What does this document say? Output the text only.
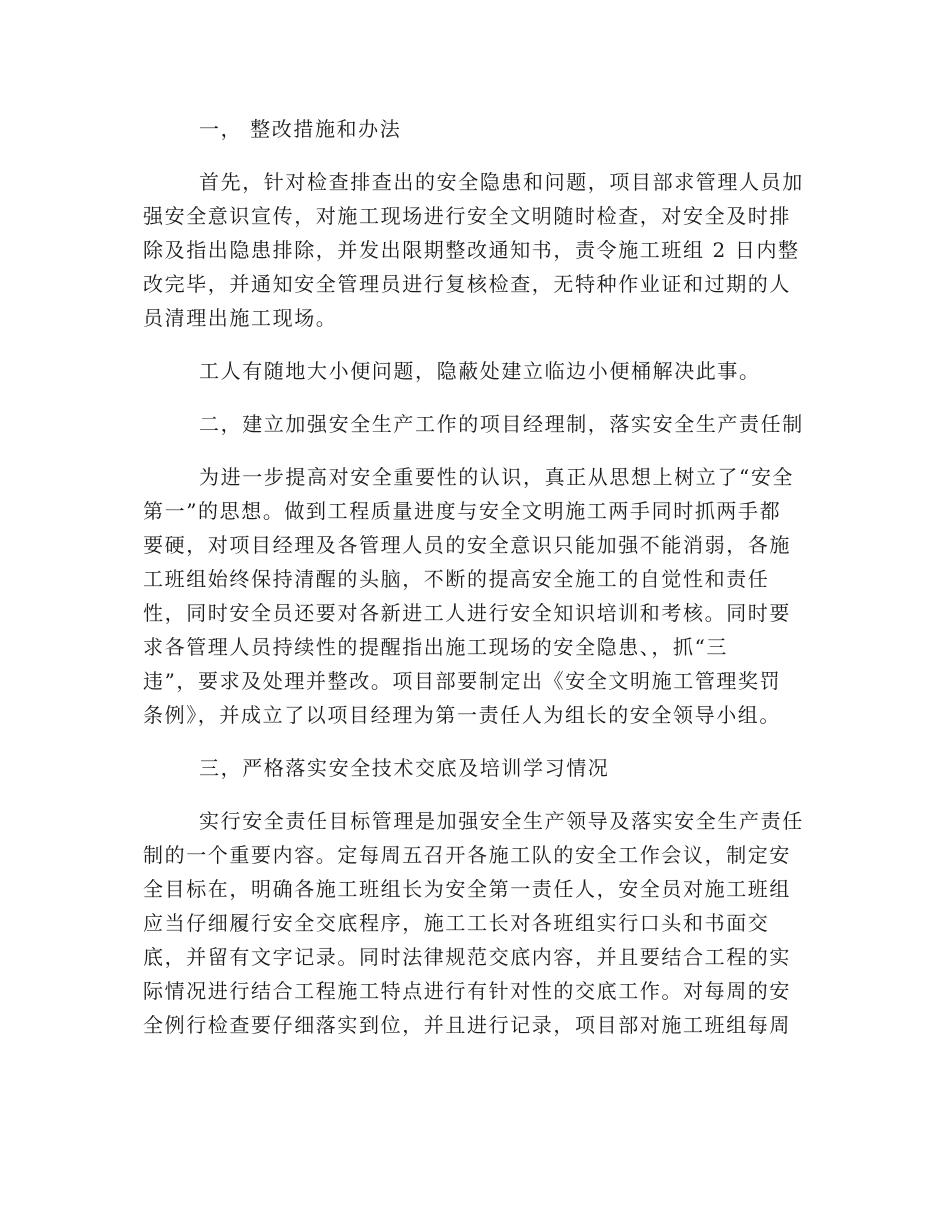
一， 整改措施和办法
首先，针对检查排查出的安全隐患和问题，项目部求管理人员加
强安全意识宣传，对施工现场进行安全文明随时检查，对安全及时排
除及指出隐患排除，并发出限期整改通知书，责令施工班组 2 日内整
改完毕，并通知安全管理员进行复核检查，无特种作业证和过期的人
员清理出施工现场。
工人有随地大小便问题，隐蔽处建立临边小便桶解决此事。
二，建立加强安全生产工作的项目经理制，落实安全生产责任制
为进一步提高对安全重要性的认识，真正从思想上树立了“安全
第一”的思想。做到工程质量进度与安全文明施工两手同时抓两手都
要硬，对项目经理及各管理人员的安全意识只能加强不能消弱，各施
工班组始终保持清醒的头脑，不断的提高安全施工的自觉性和责任
性，同时安全员还要对各新进工人进行安全知识培训和考核。同时要
求各管理人员持续性的提醒指出施工现场的安全隐患、，抓“三
违”，要求及处理并整改。项目部要制定出《安全文明施工管理奖罚
条例》，并成立了以项目经理为第一责任人为组长的安全领导小组。
三，严格落实安全技术交底及培训学习情况
实行安全责任目标管理是加强安全生产领导及落实安全生产责任
制的一个重要内容。定每周五召开各施工队的安全工作会议，制定安
全目标在，明确各施工班组长为安全第一责任人，安全员对施工班组
应当仔细履行安全交底程序，施工工长对各班组实行口头和书面交
底，并留有文字记录。同时法律规范交底内容，并且要结合工程的实
际情况进行结合工程施工特点进行有针对性的交底工作。对每周的安
全例行检查要仔细落实到位，并且进行记录，项目部对施工班组每周
